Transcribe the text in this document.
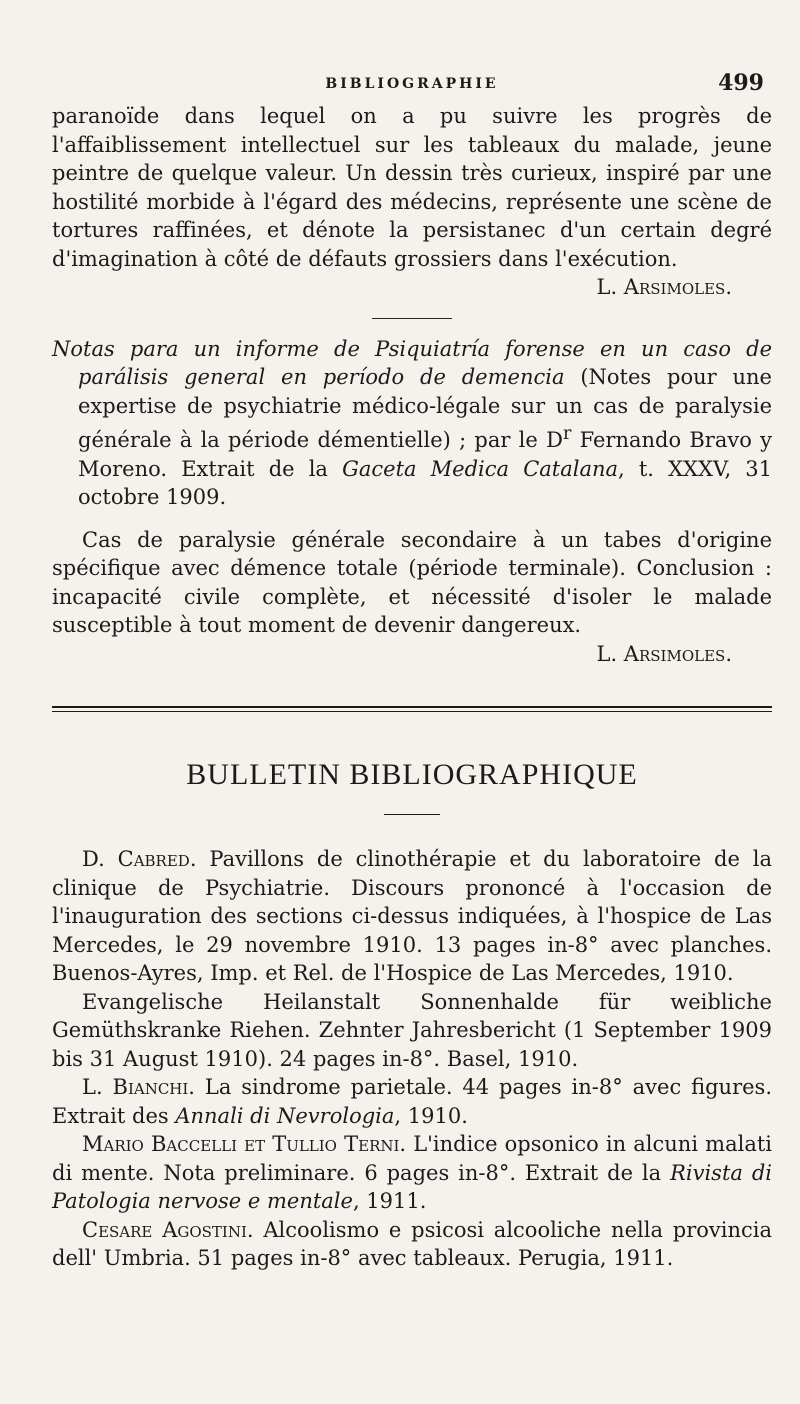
BIBLIOGRAPHIE	499

paranoïde dans lequel on a pu suivre les progrès de l'affaiblissement intellectuel sur les tableaux du malade, jeune peintre de quelque valeur. Un dessin très curieux, inspiré par une hostilité morbide à l'égard des médecins, représente une scène de tortures raffinées, et dénote la persistanec d'un certain degré d'imagination à côté de défauts grossiers dans l'exécution.

L. Arsimoles.

Notas para un informe de Psiquiatría forense en un caso de parálisis general en período de demencia (Notes pour une expertise de psychiatrie médico-légale sur un cas de paralysie générale à la période démentielle) ; par le $D^r$ Fernando Bravo y Moreno. Extrait de la Gaceta Medica Catalana, t. XXXV, 31 octobre 1909.

Cas de paralysie générale secondaire à un tabes d'origine spécifique avec démence totale (période terminale). Conclusion : incapacité civile complète, et nécessité d'isoler le malade susceptible à tout moment de devenir dangereux.

L. Arsimoles.

BULLETIN BIBLIOGRAPHIQUE

D. Cabred. Pavillons de clinothérapie et du laboratoire de la clinique de Psychiatrie. Discours prononcé à l'occasion de l'inauguration des sections ci-dessus indiquées, à l'hospice de Las Mercedes, le 29 novembre 1910. 13 pages in-8° avec planches. Buenos-Ayres, Imp. et Rel. de l'Hospice de Las Mercedes, 1910.

Evangelische Heilanstalt Sonnenhalde für weibliche Gemüthskranke Riehen. Zehnter Jahresbericht (1 September 1909 bis 31 August 1910). 24 pages in-8°. Basel, 1910.

L. Bianchi. La sindrome parietale. 44 pages in-8° avec figures. Extrait des Annali di Nevrologia, 1910.

Mario Baccelli et Tullio Terni. L'indice opsonico in alcuni malati di mente. Nota preliminare. 6 pages in-8°. Extrait de la Rivista di Patologia nervose e mentale, 1911.

Cesare Agostini. Alcoolismo e psicosi alcooliche nella provincia dell' Umbria. 51 pages in-8° avec tableaux. Perugia, 1911.
